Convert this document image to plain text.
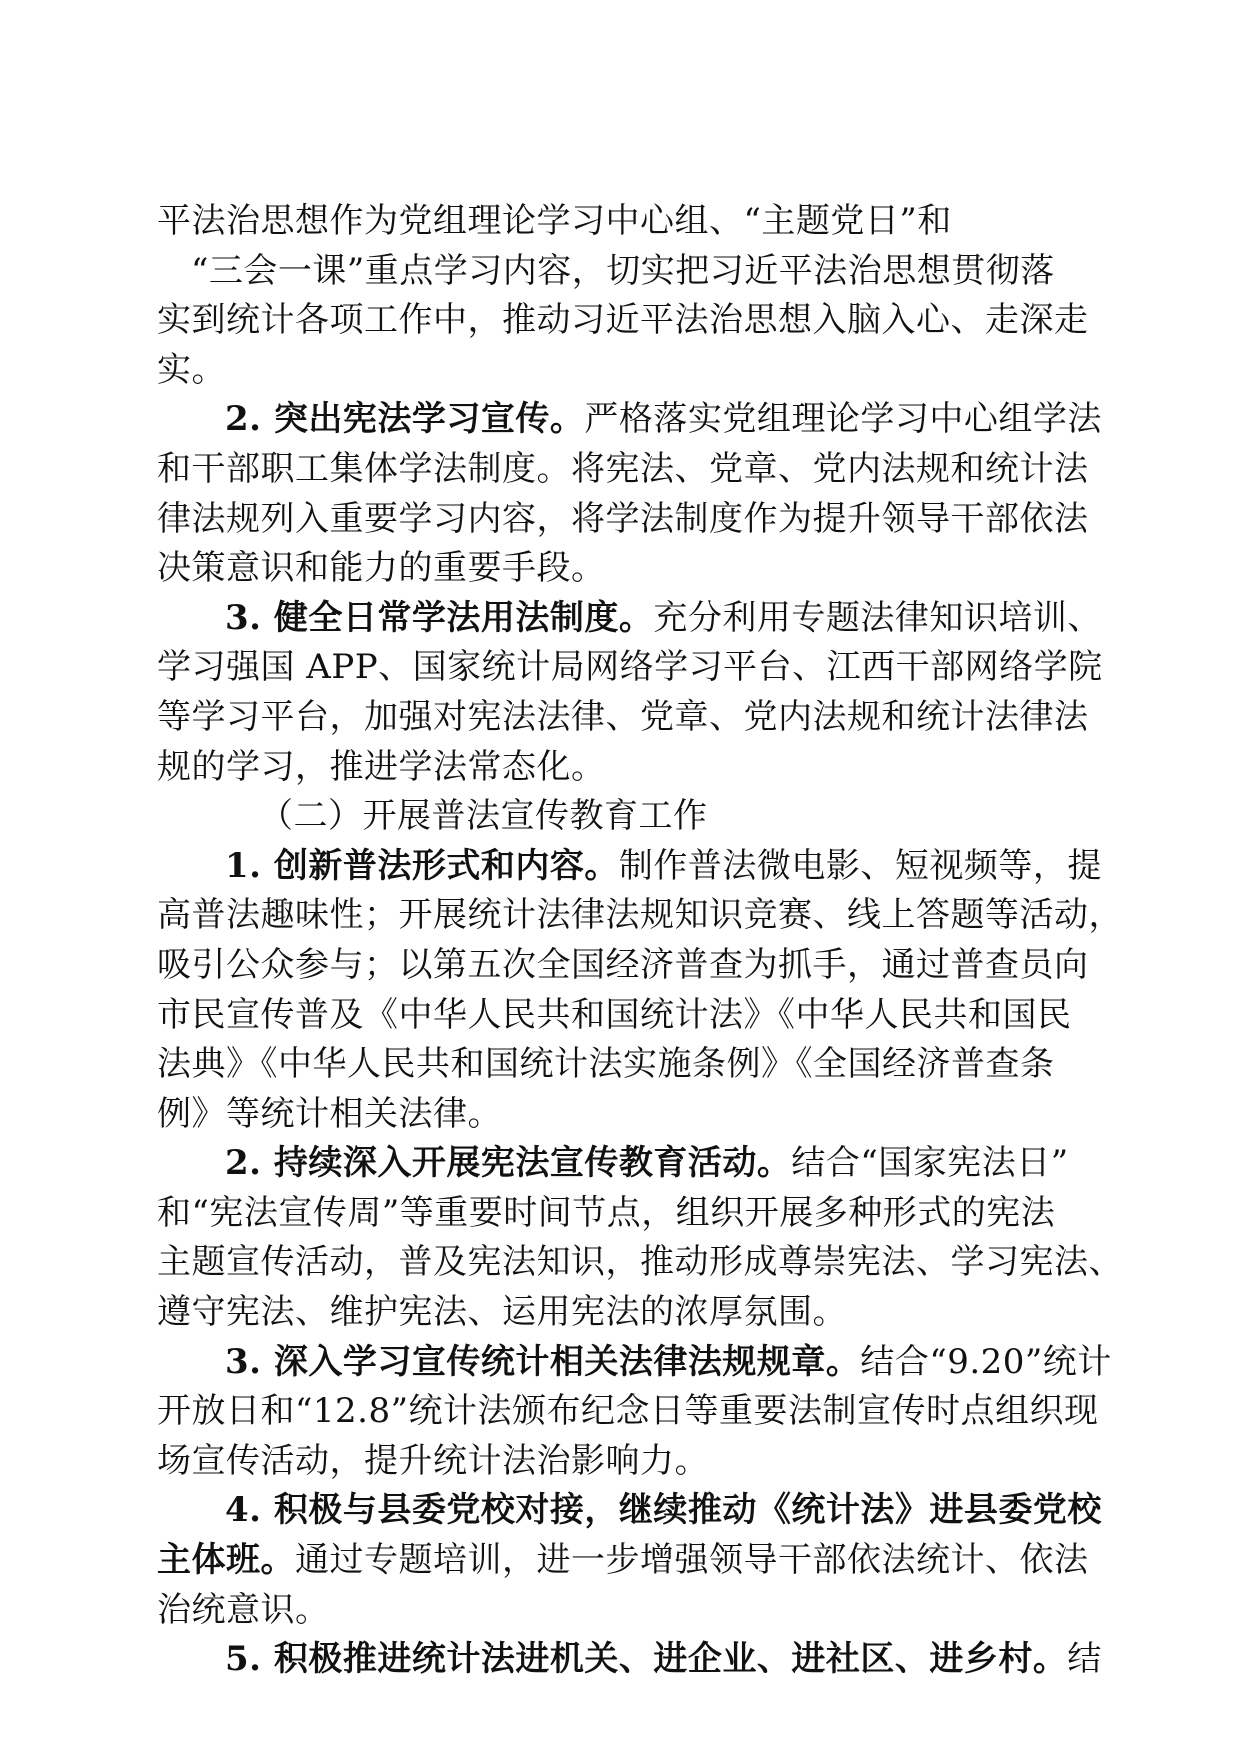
平法治思想作为党组理论学习中心组、“主题党日”和
“三会一课”重点学习内容，切实把习近平法治思想贯彻落
实到统计各项工作中，推动习近平法治思想入脑入心、走深走
实。
2. 突出宪法学习宣传。严格落实党组理论学习中心组学法
和干部职工集体学法制度。将宪法、党章、党内法规和统计法
律法规列入重要学习内容，将学法制度作为提升领导干部依法
决策意识和能力的重要手段。
3. 健全日常学法用法制度。充分利用专题法律知识培训、
学习强国 APP、国家统计局网络学习平台、江西干部网络学院
等学习平台，加强对宪法法律、党章、党内法规和统计法律法
规的学习，推进学法常态化。
（二）开展普法宣传教育工作
1. 创新普法形式和内容。制作普法微电影、短视频等，提
高普法趣味性；开展统计法律法规知识竞赛、线上答题等活动，
吸引公众参与；以第五次全国经济普查为抓手，通过普查员向
市民宣传普及《中华人民共和国统计法》《中华人民共和国民
法典》《中华人民共和国统计法实施条例》《全国经济普查条
例》等统计相关法律。
2. 持续深入开展宪法宣传教育活动。结合“国家宪法日”
和“宪法宣传周”等重要时间节点，组织开展多种形式的宪法
主题宣传活动，普及宪法知识，推动形成尊崇宪法、学习宪法、
遵守宪法、维护宪法、运用宪法的浓厚氛围。
3. 深入学习宣传统计相关法律法规规章。结合“9.20”统计
开放日和“12.8”统计法颁布纪念日等重要法制宣传时点组织现
场宣传活动，提升统计法治影响力。
4. 积极与县委党校对接，继续推动《统计法》进县委党校
主体班。通过专题培训，进一步增强领导干部依法统计、依法
治统意识。
5. 积极推进统计法进机关、进企业、进社区、进乡村。结
